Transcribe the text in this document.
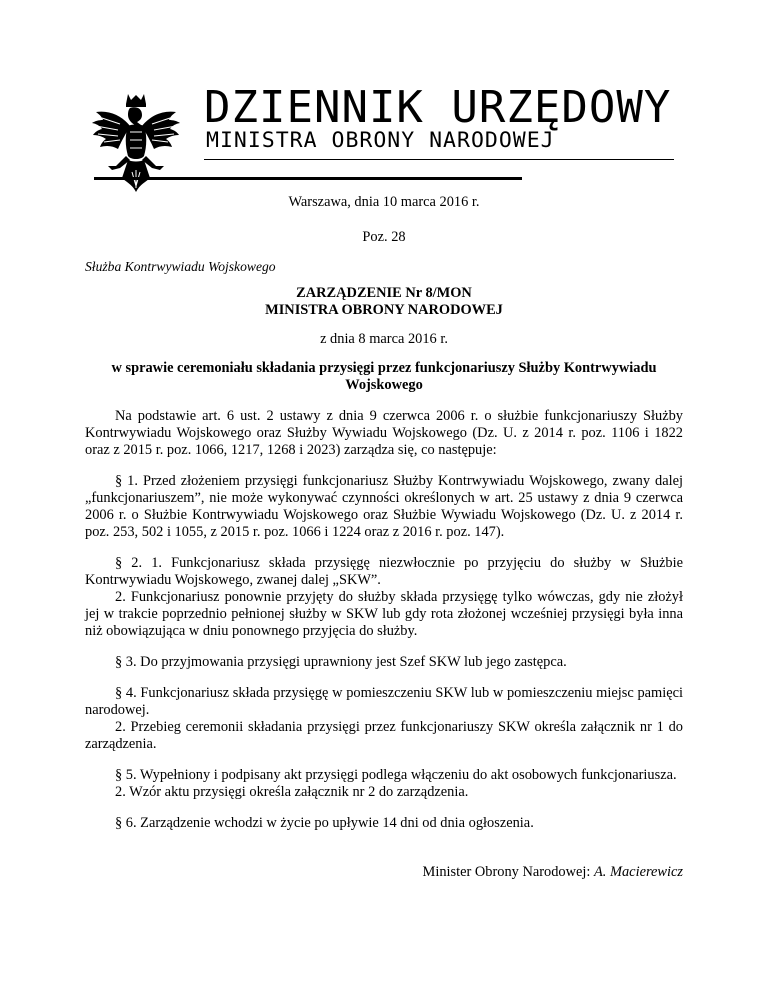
DZIENNIK URZĘDOWY
MINISTRA OBRONY NARODOWEJ

Warszawa, dnia 10 marca 2016 r.

Poz. 28

Służba Kontrwywiadu Wojskowego

ZARZĄDZENIE Nr 8/MON
MINISTRA OBRONY NARODOWEJ

z dnia 8 marca 2016 r.

w sprawie ceremoniału składania przysięgi przez funkcjonariuszy Służby Kontrwywiadu
Wojskowego

Na podstawie art. 6 ust. 2 ustawy z dnia 9 czerwca 2006 r. o służbie funkcjonariuszy Służby Kontrwywiadu Wojskowego oraz Służby Wywiadu Wojskowego (Dz. U. z 2014 r. poz. 1106 i 1822 oraz z 2015 r. poz. 1066, 1217, 1268 i 2023) zarządza się, co następuje:

§ 1. Przed złożeniem przysięgi funkcjonariusz Służby Kontrwywiadu Wojskowego, zwany dalej „funkcjonariuszem”, nie może wykonywać czynności określonych w art. 25 ustawy z dnia 9 czerwca 2006 r. o Służbie Kontrwywiadu Wojskowego oraz Służbie Wywiadu Wojskowego (Dz. U. z 2014 r. poz. 253, 502 i 1055, z 2015 r. poz. 1066 i 1224 oraz z 2016 r. poz. 147).

§ 2. 1. Funkcjonariusz składa przysięgę niezwłocznie po przyjęciu do służby w Służbie Kontrwywiadu Wojskowego, zwanej dalej „SKW”.
2. Funkcjonariusz ponownie przyjęty do służby składa przysięgę tylko wówczas, gdy nie złożył jej w trakcie poprzednio pełnionej służby w SKW lub gdy rota złożonej wcześniej przysięgi była inna niż obowiązująca w dniu ponownego przyjęcia do służby.

§ 3. Do przyjmowania przysięgi uprawniony jest Szef SKW lub jego zastępca.

§ 4. Funkcjonariusz składa przysięgę w pomieszczeniu SKW lub w pomieszczeniu miejsc pamięci narodowej.
2. Przebieg ceremonii składania przysięgi przez funkcjonariuszy SKW określa załącznik nr 1 do zarządzenia.

§ 5. Wypełniony i podpisany akt przysięgi podlega włączeniu do akt osobowych funkcjonariusza.
2. Wzór aktu przysięgi określa załącznik nr 2 do zarządzenia.

§ 6. Zarządzenie wchodzi w życie po upływie 14 dni od dnia ogłoszenia.

Minister Obrony Narodowej: A. Macierewicz
